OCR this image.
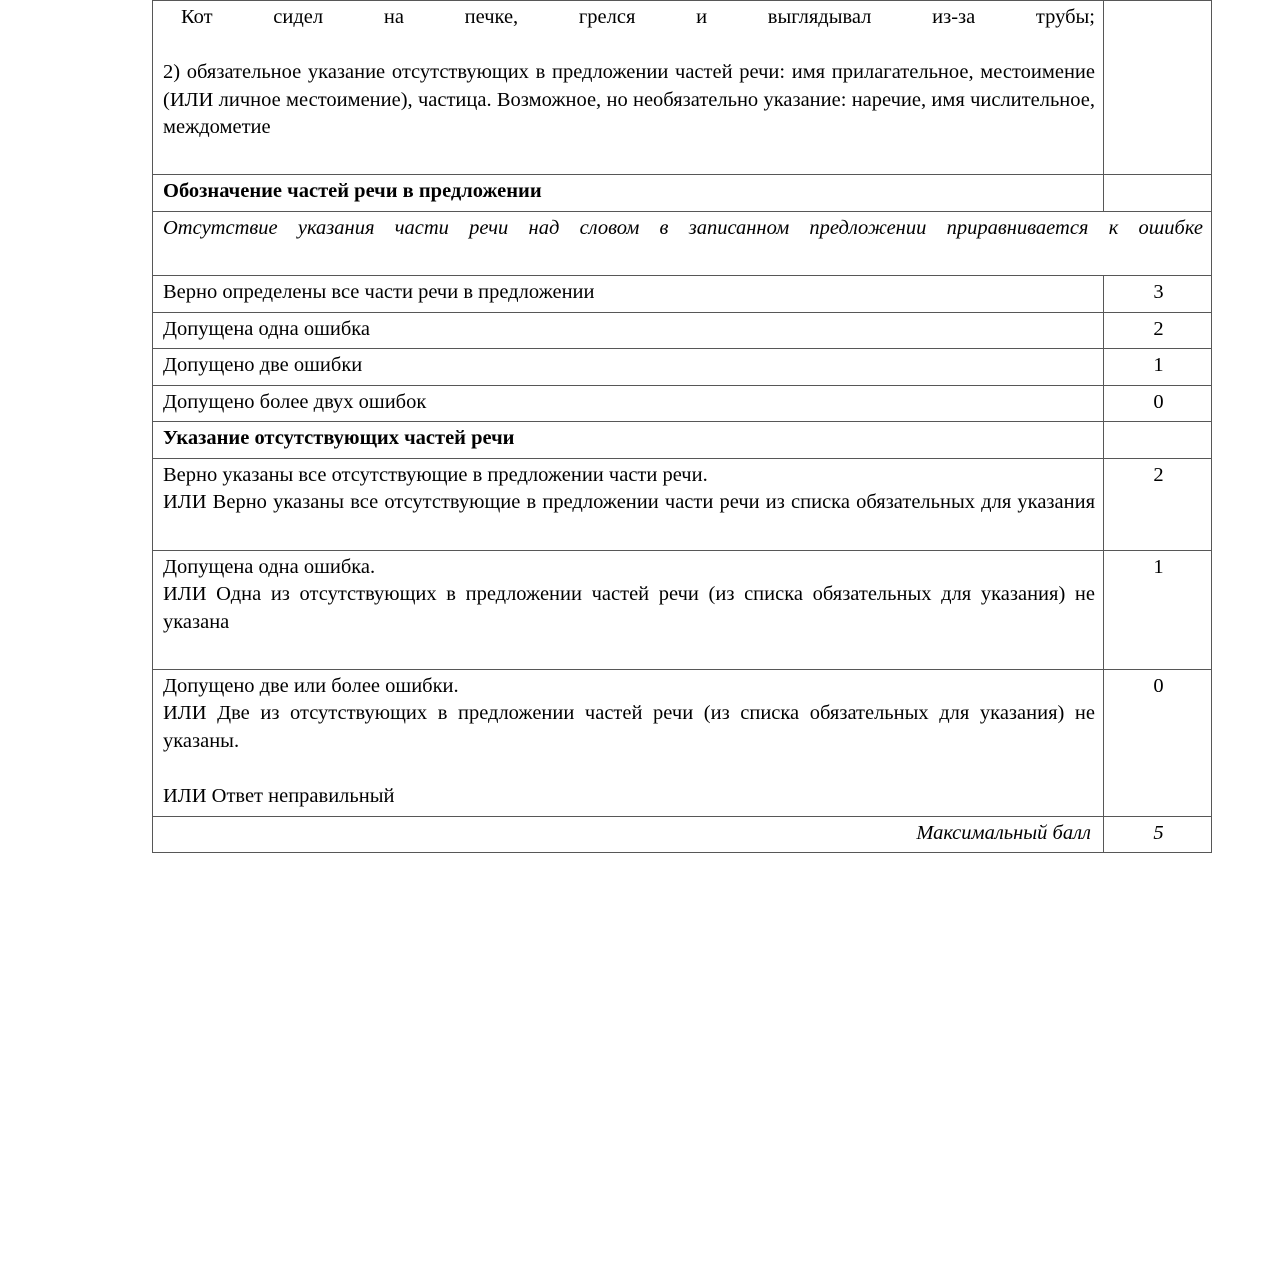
Кот сидел на печке, грелся и выглядывал из-за трубы;
2) обязательное указание отсутствующих в предложении частей речи: имя прилагательное, местоимение (ИЛИ личное местоимение), частица. Возможное, но необязательно указание: наречие, имя числительное, междометие	

Обозначение частей речи в предложении	

Отсутствие указания части речи над словом в записанном предложении приравнивается к ошибке	

Верно определены все части речи в предложении	3

Допущена одна ошибка	2

Допущено две ошибки	1

Допущено более двух ошибок	0

Указание отсутствующих частей речи	

Верно указаны все отсутствующие в предложении части речи.
ИЛИ Верно указаны все отсутствующие в предложении части речи из списка обязательных для указания	2

Допущена одна ошибка.
ИЛИ Одна из отсутствующих в предложении частей речи (из списка обязательных для указания) не указана	1

Допущено две или более ошибки.
ИЛИ Две из отсутствующих в предложении частей речи (из списка обязательных для указания) не указаны.
ИЛИ Ответ неправильный	0

Максимальный балл	5
